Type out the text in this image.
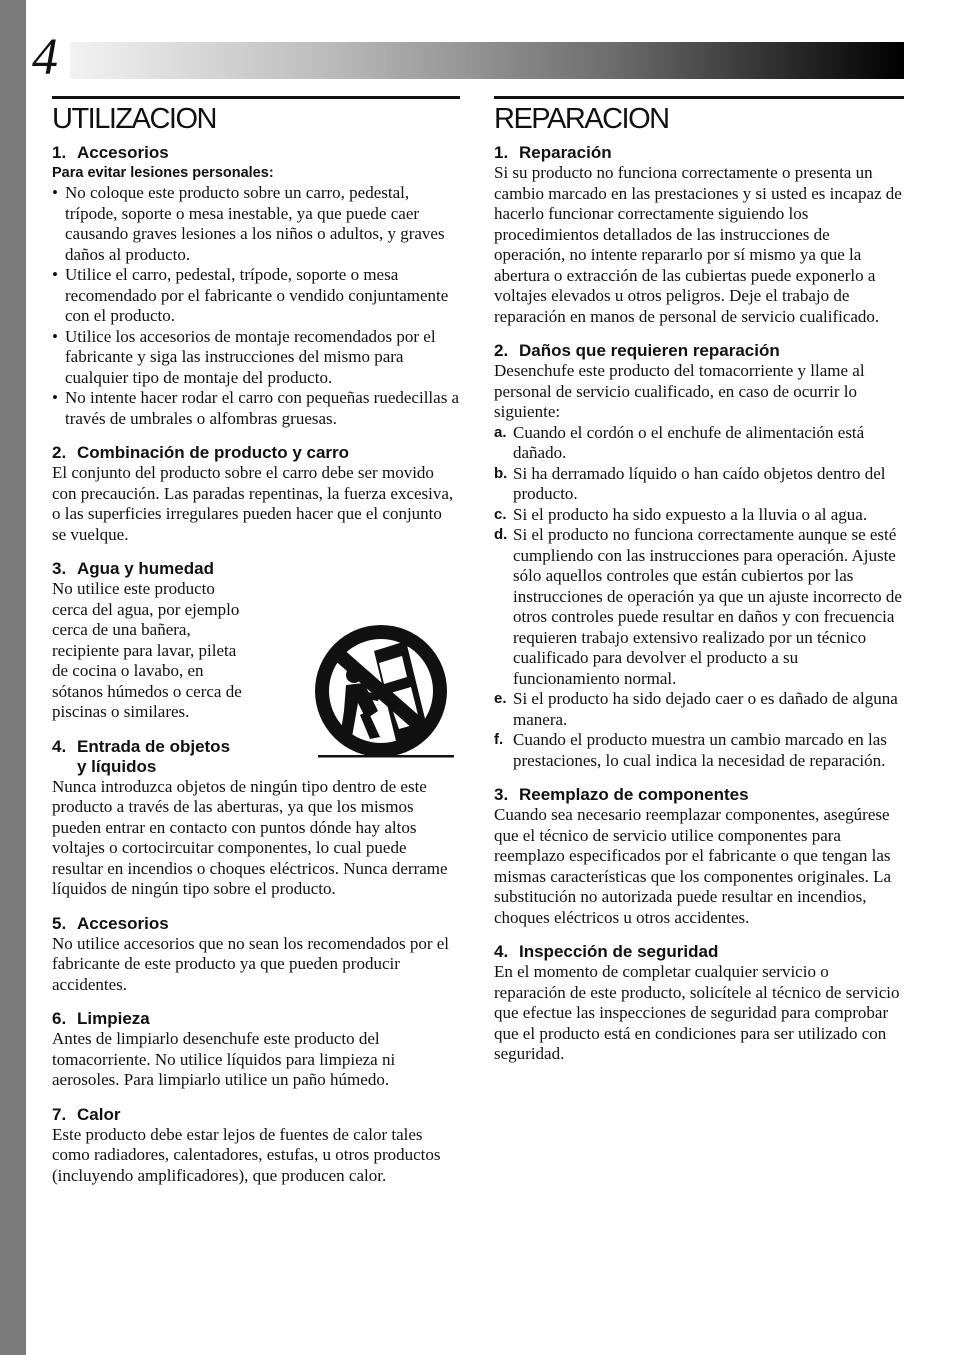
4
UTILIZACION
1. Accesorios
Para evitar lesiones personales:
• No coloque este producto sobre un carro, pedestal, trípode, soporte o mesa inestable, ya que puede caer causando graves lesiones a los niños o adultos, y graves daños al producto.
• Utilice el carro, pedestal, trípode, soporte o mesa recomendado por el fabricante o vendido conjuntamente con el producto.
• Utilice los accesorios de montaje recomendados por el fabricante y siga las instrucciones del mismo para cualquier tipo de montaje del producto.
• No intente hacer rodar el carro con pequeñas ruedecillas a través de umbrales o alfombras gruesas.
2. Combinación de producto y carro

El conjunto del producto sobre el carro debe ser movido con precaución. Las paradas repentinas, la fuerza excesiva, o las superficies irregulares pueden hacer que el conjunto se vuelque.

3. Agua y humedad

No utilice este producto cerca del agua, por ejemplo cerca de una bañera, recipiente para lavar, pileta de cocina o lavabo, en sótanos húmedos o cerca de piscinas o similares.

4. Entrada de objetos
y líquidos

Nunca introduzca objetos de ningún tipo dentro de este producto a través de las aberturas, ya que los mismos pueden entrar en contacto con puntos dónde hay altos voltajes o cortocircuitar componentes, lo cual puede resultar en incendios o choques eléctricos. Nunca derrame líquidos de ningún tipo sobre el producto.

5. Accesorios

No utilice accesorios que no sean los recomendados por el fabricante de este producto ya que pueden producir accidentes.

6. Limpieza

Antes de limpiarlo desenchufe este producto del tomacorriente. No utilice líquidos para limpieza ni aerosoles. Para limpiarlo utilice un paño húmedo.

7. Calor

Este producto debe estar lejos de fuentes de calor tales como radiadores, calentadores, estufas, u otros productos (incluyendo amplificadores), que producen calor.

REPARACION
1. Reparación

Si su producto no funciona correctamente o presenta un cambio marcado en las prestaciones y si usted es incapaz de hacerlo funcionar correctamente siguiendo los procedimientos detallados de las instrucciones de operación, no intente repararlo por sí mismo ya que la abertura o extracción de las cubiertas puede exponerlo a voltajes elevados u otros peligros. Deje el trabajo de reparación en manos de personal de servicio cualificado.

2. Daños que requieren reparación

Desenchufe este producto del tomacorriente y llame al personal de servicio cualificado, en caso de ocurrir lo siguiente:

a. Cuando el cordón o el enchufe de alimentación está dañado.
b. Si ha derramado líquido o han caído objetos dentro del producto.
c. Si el producto ha sido expuesto a la lluvia o al agua.
d. Si el producto no funciona correctamente aunque se esté cumpliendo con las instrucciones para operación. Ajuste sólo aquellos controles que están cubiertos por las instrucciones de operación ya que un ajuste incorrecto de otros controles puede resultar en daños y con frecuencia requieren trabajo extensivo realizado por un técnico cualificado para devolver el producto a su funcionamiento normal.
e. Si el producto ha sido dejado caer o es dañado de alguna manera.
f. Cuando el producto muestra un cambio marcado en las prestaciones, lo cual indica la necesidad de reparación.
3. Reemplazo de componentes

Cuando sea necesario reemplazar componentes, asegúrese que el técnico de servicio utilice componentes para reemplazo especificados por el fabricante o que tengan las mismas características que los componentes originales. La substitución no autorizada puede resultar en incendios, choques eléctricos u otros accidentes.

4. Inspección de seguridad

En el momento de completar cualquier servicio o reparación de este producto, solicítele al técnico de servicio que efectue las inspecciones de seguridad para comprobar que el producto está en condiciones para ser utilizado con seguridad.
